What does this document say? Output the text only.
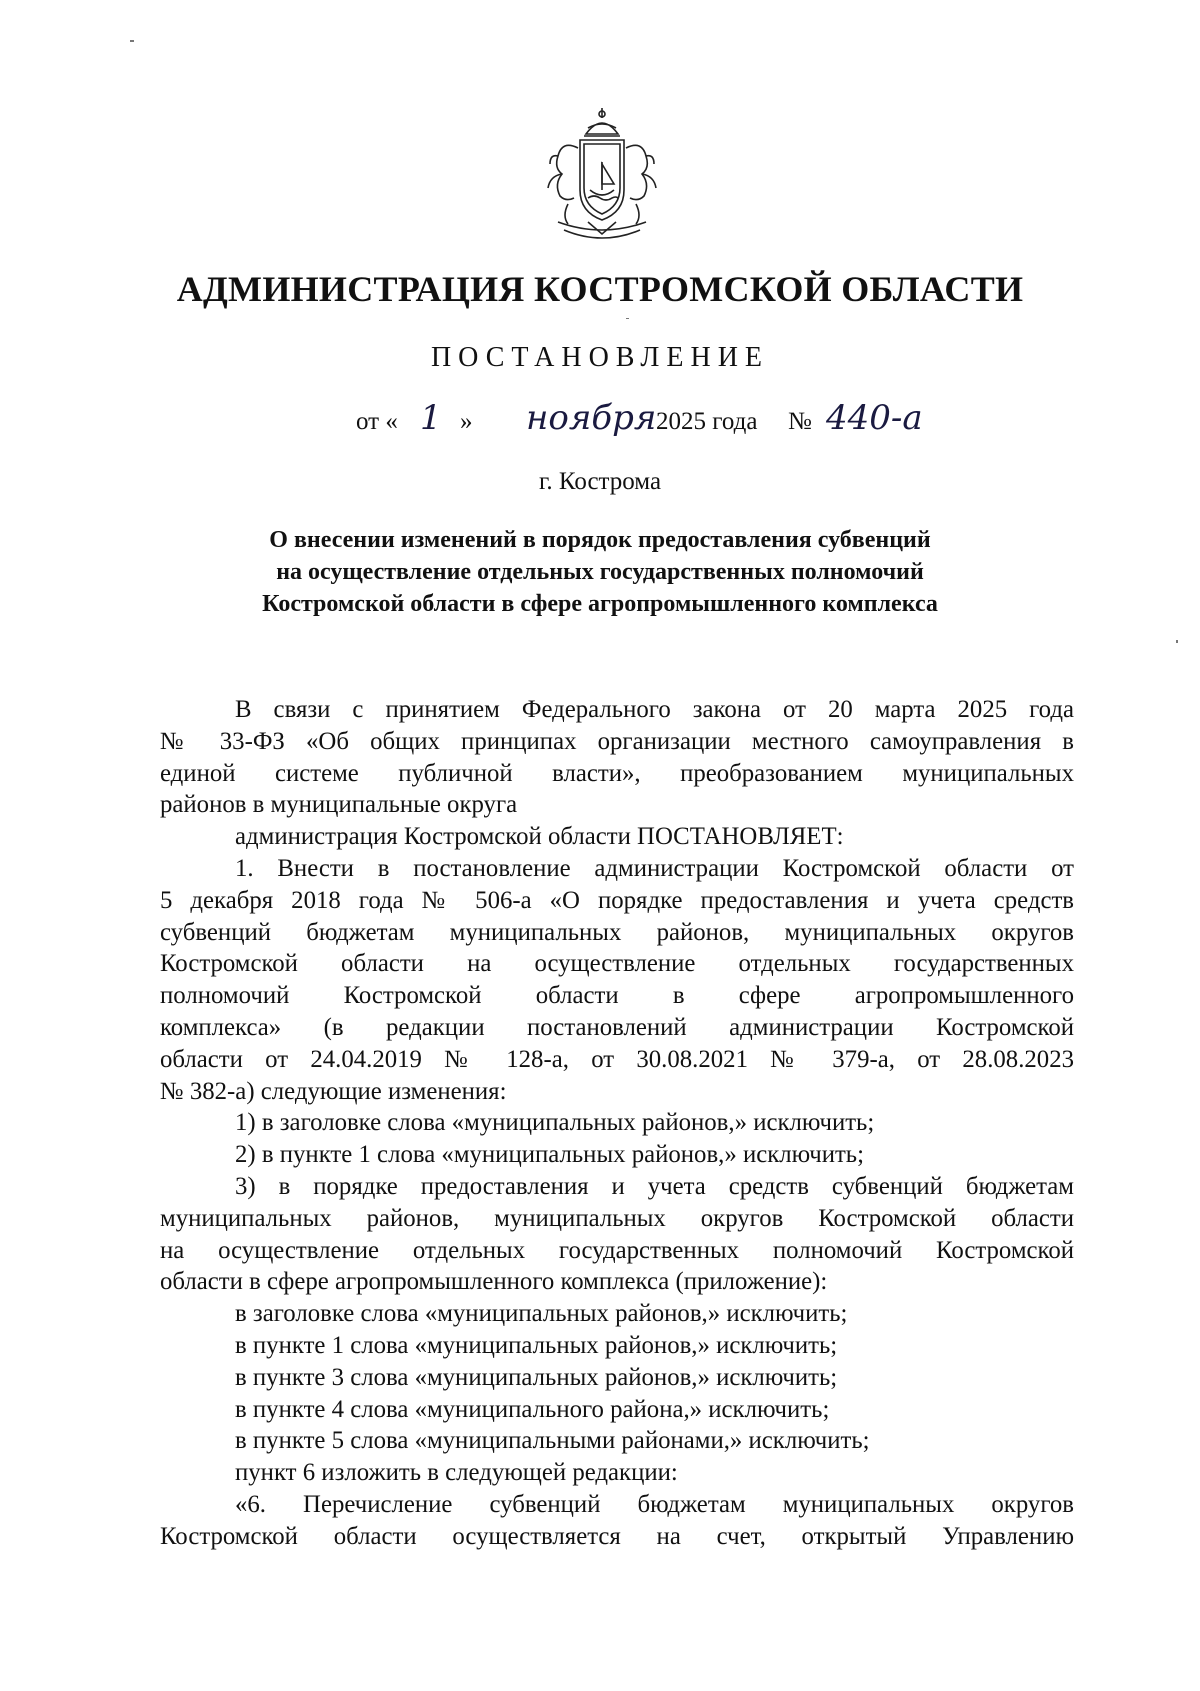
АДМИНИСТРАЦИЯ КОСТРОМСКОЙ ОБЛАСТИ
ПОСТАНОВЛЕНИЕ
от « 1 » ноября 2025 года № 440-а
г. Кострома
О внесении изменений в порядок предоставления субвенций
на осуществление отдельных государственных полномочий
Костромской области в сфере агропромышленного комплекса
В связи с принятием Федерального закона от 20 марта 2025 года
№ 33-ФЗ «Об общих принципах организации местного самоуправления в
единой системе публичной власти», преобразованием муниципальных
районов в муниципальные округа
администрация Костромской области ПОСТАНОВЛЯЕТ:
1. Внести в постановление администрации Костромской области от
5 декабря 2018 года № 506-а «О порядке предоставления и учета средств
субвенций бюджетам муниципальных районов, муниципальных округов
Костромской области на осуществление отдельных государственных
полномочий Костромской области в сфере агропромышленного
комплекса» (в редакции постановлений администрации Костромской
области от 24.04.2019 № 128-а, от 30.08.2021 № 379-а, от 28.08.2023
№ 382-а) следующие изменения:
1) в заголовке слова «муниципальных районов,» исключить;
2) в пункте 1 слова «муниципальных районов,» исключить;
3) в порядке предоставления и учета средств субвенций бюджетам
муниципальных районов, муниципальных округов Костромской области
на осуществление отдельных государственных полномочий Костромской
области в сфере агропромышленного комплекса (приложение):
в заголовке слова «муниципальных районов,» исключить;
в пункте 1 слова «муниципальных районов,» исключить;
в пункте 3 слова «муниципальных районов,» исключить;
в пункте 4 слова «муниципального района,» исключить;
в пункте 5 слова «муниципальными районами,» исключить;
пункт 6 изложить в следующей редакции:
«6. Перечисление субвенций бюджетам муниципальных округов
Костромской области осуществляется на счет, открытый Управлению
